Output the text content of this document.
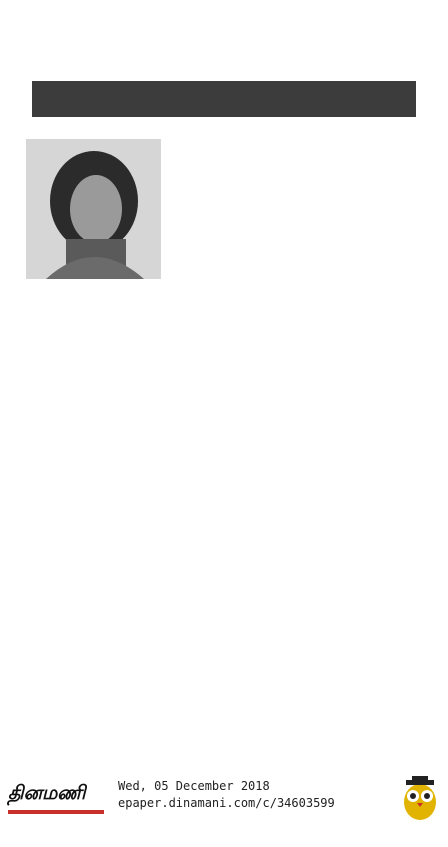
தினமணி	Wed, 05 December 2018
epaper.dinamani.com/c/34603599
